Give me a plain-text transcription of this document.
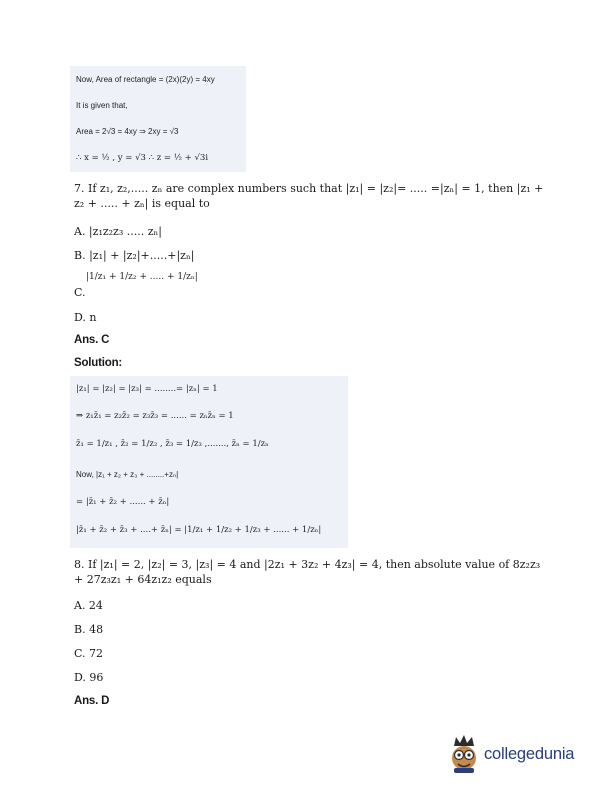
Now, Area of rectangle = (2x)(2y) = 4xy
It is given that,
Area = 2√3 = 4xy ⇒ 2xy = √3
∴ x = ½ , y = √3 ∴ z = ½ + √3i
7. If z₁, z₂,..... zₙ are complex numbers such that |z₁| = |z₂|= ..... =|zₙ| = 1, then |z₁ + z₂ + ..... + zₙ| is equal to
A. |z₁z₂z₃ ..... zₙ|
B. |z₁| + |z₂|+.....+|zₙ|
C.
|1/z₁ + 1/z₂ + ..... + 1/zₙ|
D. n
Ans. C
Solution:
|z₁| = |z₂| = |z₃| = ........= |zₙ| = 1
⇒ z₁z̄₁ = z₂z̄₂ = z₃z̄₃ = ...... = zₙz̄ₙ = 1
z̄₁ = 1/z₁ , z̄₂ = 1/z₂ , z̄₃ = 1/z₃ ,......., z̄ₙ = 1/zₙ
Now, |z₁ + z₂ + z₃ + ........+zₙ|
= |z̄₁ + z̄₂ + ...... + z̄ₙ|
|z̄₁ + z̄₂ + z̄₃ + ....+ z̄ₙ| = |1/z₁ + 1/z₂ + 1/z₃ + ...... + 1/zₙ|
8. If |z₁| = 2, |z₂| = 3, |z₃| = 4 and |2z₁ + 3z₂ + 4z₃| = 4, then absolute value of 8z₂z₃ + 27z₃z₁ + 64z₁z₂ equals
A. 24
B. 48
C. 72
D. 96
Ans. D
collegedunia
